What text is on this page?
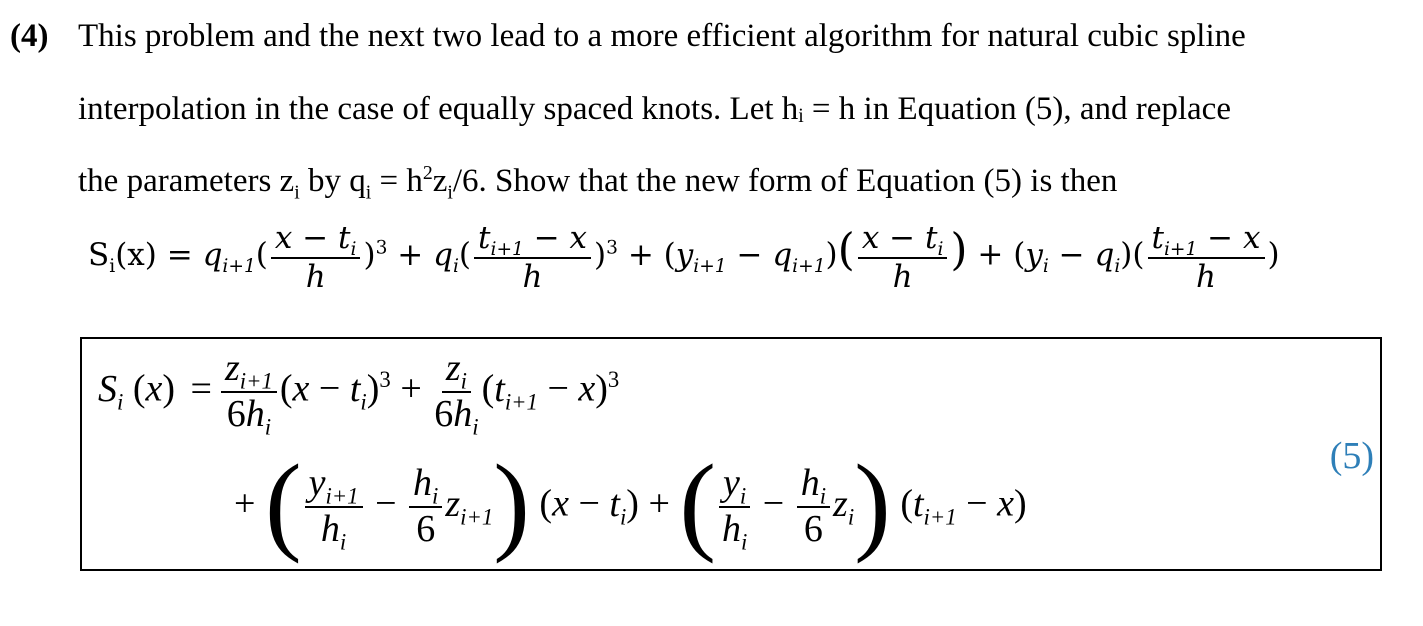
(4) This problem and the next two lead to a more efficient algorithm for natural cubic spline
interpolation in the case of equally spaced knots. Let hᵢ = h in Equation (5), and replace
the parameters $z_i$ by $q_i = h^2z_i/6$. Show that the new form of Equation (5) is then
$S_i(x) = q_{i+1}( \frac{x - t_i}{h} )^3 + q_i( \frac{t_{i+1} - x}{h} )^3 + (y_{i+1} - q_{i+1})( \frac{x - t_i}{h}$ ) + $(y_i - q_i)( \frac{t_{i+1} - x}{h}$ )
$S_i$ $(x) = \frac{z_{i+1}}{6h_i} (x - t_i)^3 + \frac{z_i}{6h_i} (t_{i+1} - x)^3$
+ ( $\frac{y_{i+1}}{h_i} - \frac{h_i}{6} z_{i+1}$) $(x - t_i)$ + ( $\frac{y_i}{h_i} - \frac{h_i}{6} z_i$) $(t_{i+1} - x)$
(5)
